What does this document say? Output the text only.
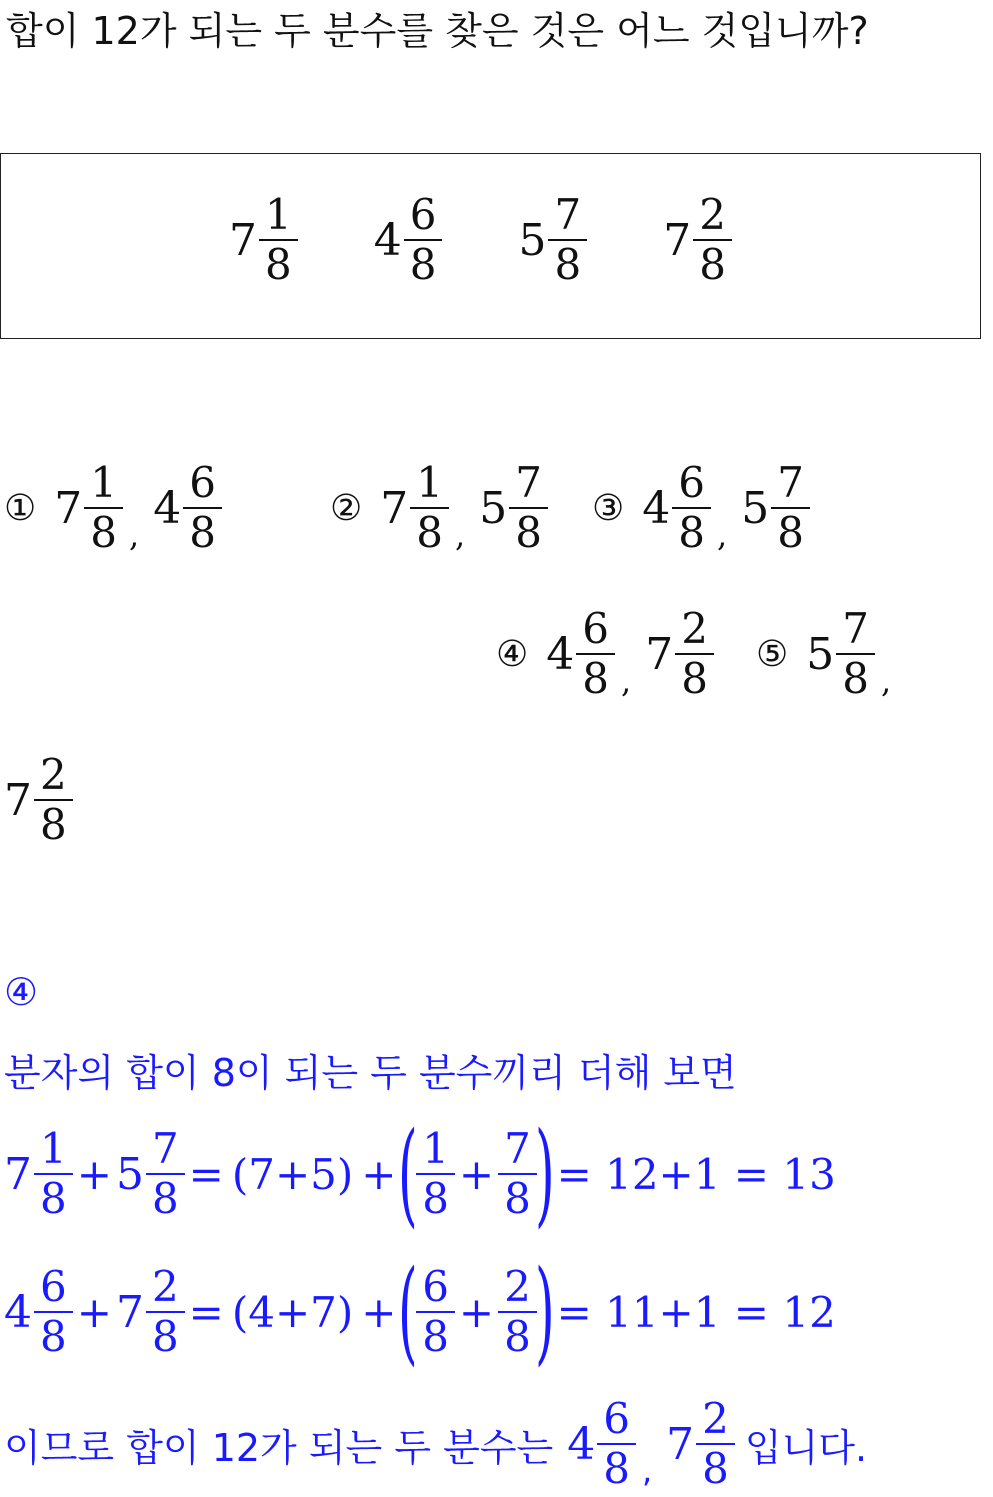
합이 12가 되는 두 분수를 찾은 것은 어느 것입니까?
$7 \frac{1}{8} 4 \frac{6}{8} 5 \frac{7}{8} 7 \frac{2}{8}$
① $7 \frac{1}{8}$ ,
$4 \frac{6}{8}$	② $7 \frac{1}{8}$ ,
$5 \frac{7}{8}$ ③ $4 \frac{6}{8}$ ,
$5 \frac{7}{8}$
④ $4 \frac{6}{8}$ ,
$7 \frac{2}{8}$ ⑤ $5 \frac{7}{8}$ ,
$7 \frac{2}{8}$
④
분자의 합이 8이 되는 두 분수끼리 더해 보면
$7 \frac{1}{8} + 5 \frac{7}{8} = (7+5)$ + (
$\frac{1}{8} + \frac{7}{8}$
) = 12+1 = 13
$4 \frac{6}{8} + 7 \frac{2}{8} = (4+7)$ + (
$\frac{6}{8} + \frac{2}{8}$
) = 11+1 = 12
이므로 합이 12가 되는 두 분수는 $4 \frac{6}{8}$ ,
$7 \frac{2}{8}$ 입니다.
